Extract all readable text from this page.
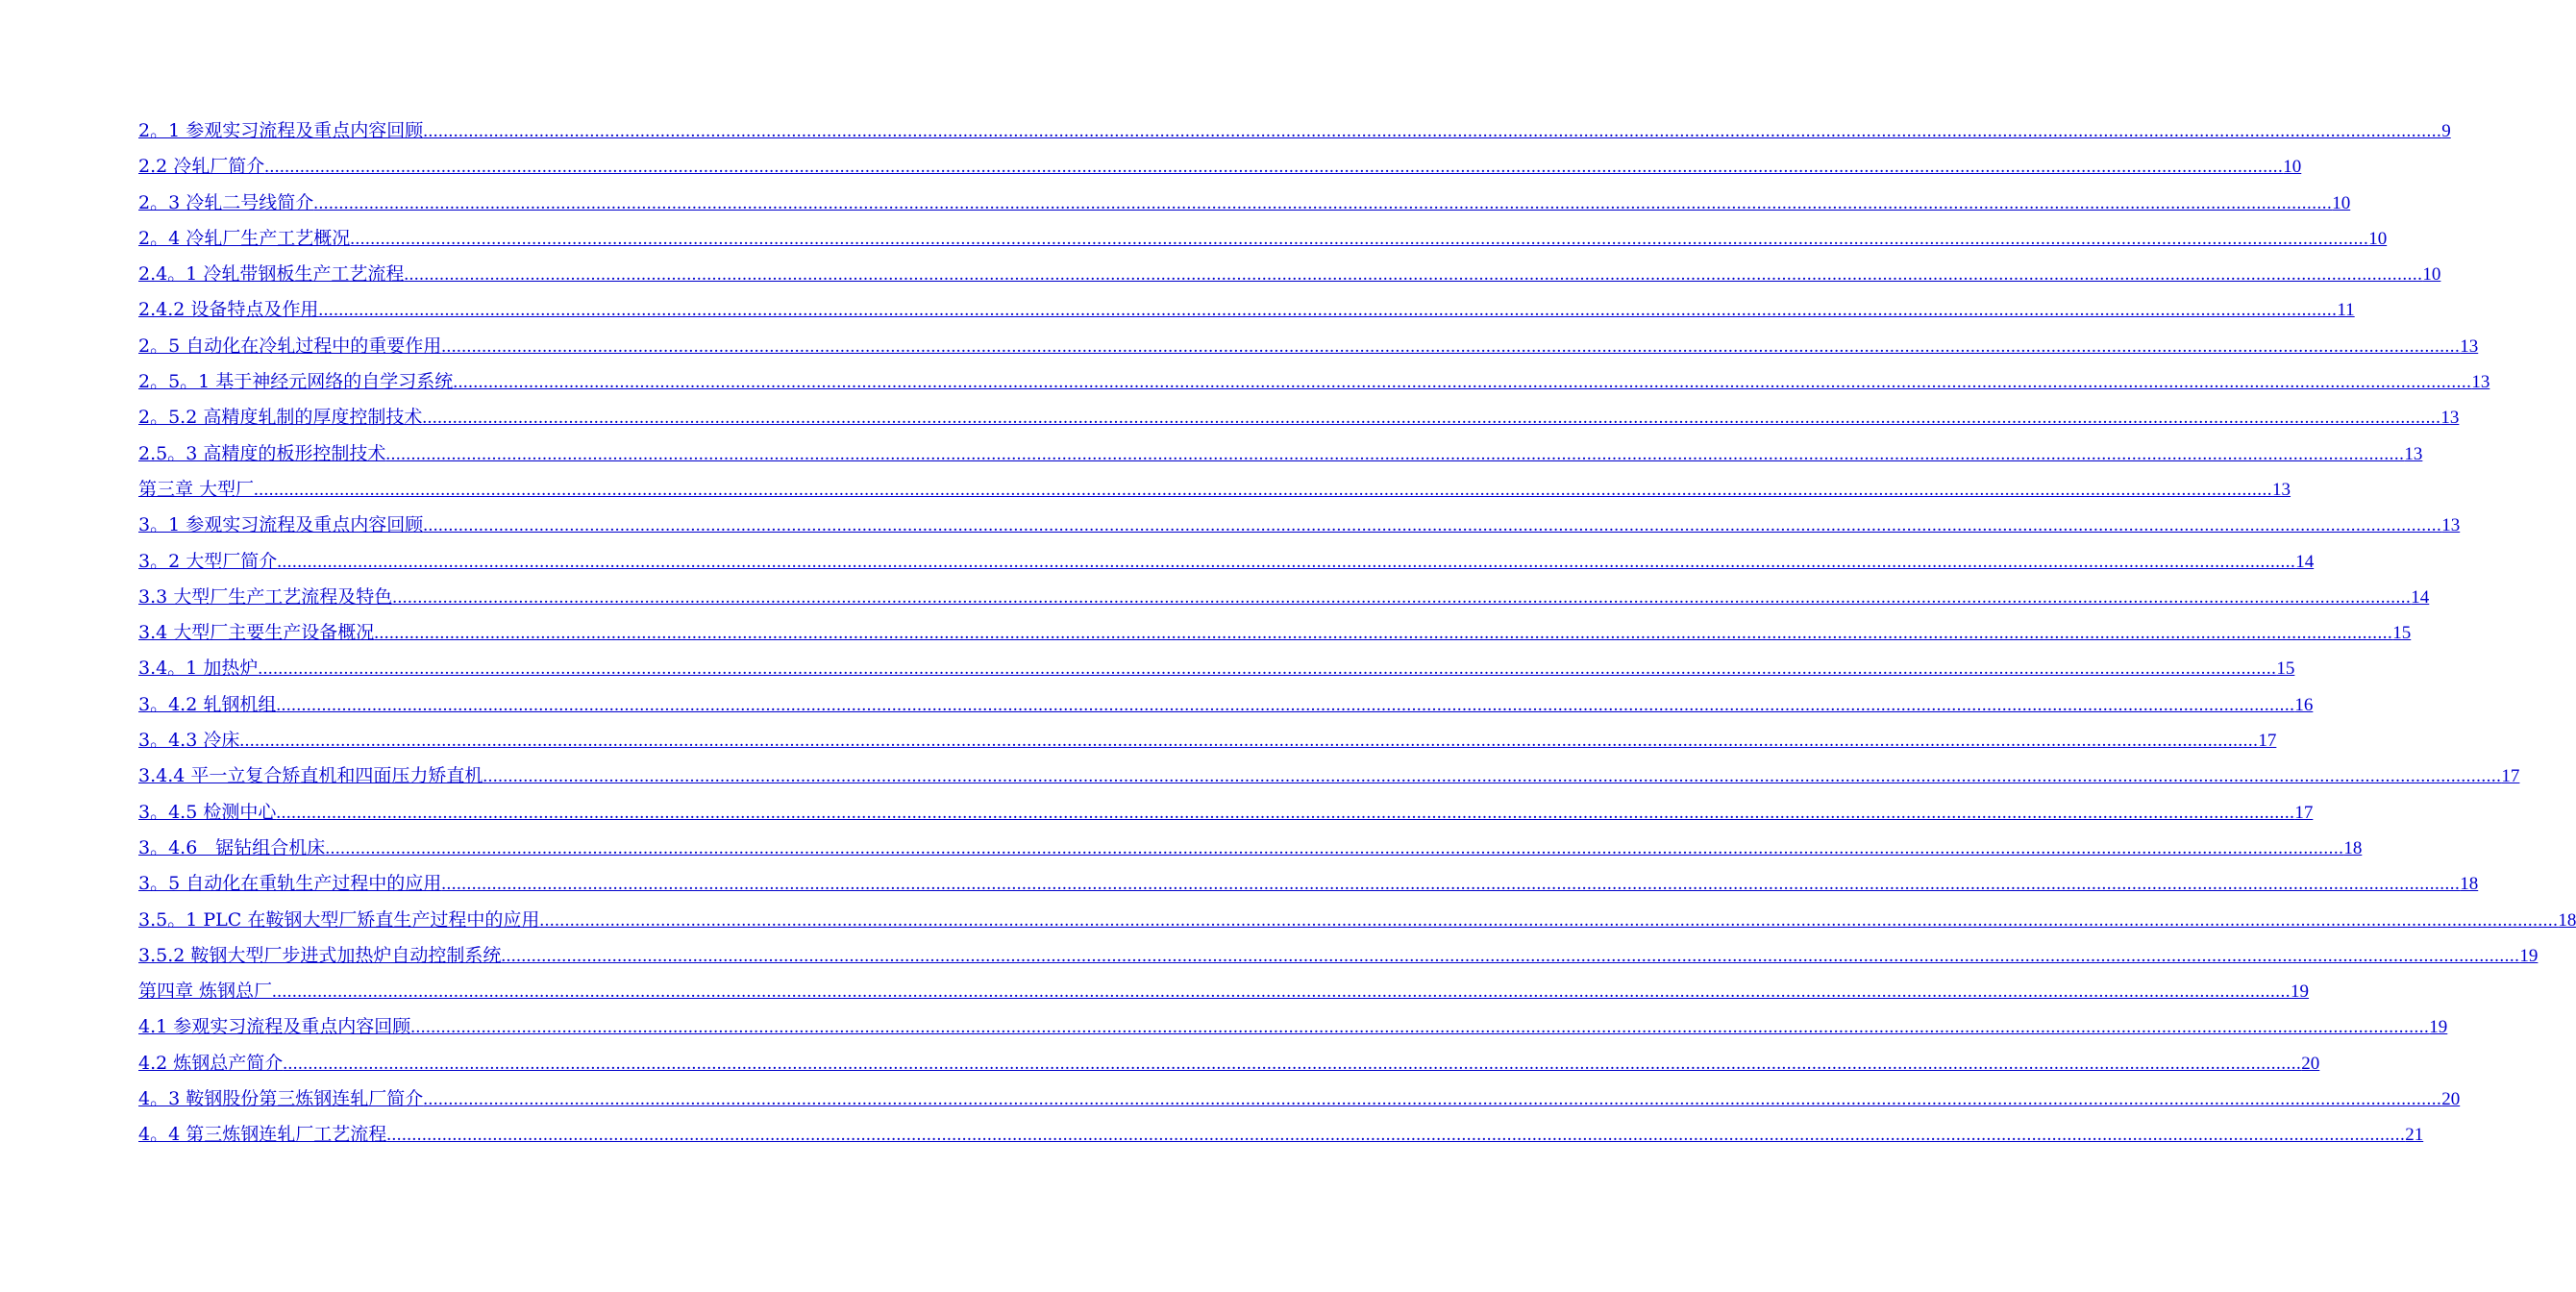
2。1 参观实习流程及重点内容回顾 ................................................................................................................................................................................................................................................................................................................................................................................................................ 9
2.2 冷轧厂简介 ................................................................................................................................................................................................................................................................................................................................................................................................................ 10
2。3 冷轧二号线简介 ................................................................................................................................................................................................................................................................................................................................................................................................................ 10
2。4 冷轧厂生产工艺概况 ................................................................................................................................................................................................................................................................................................................................................................................................................ 10
2.4。1 冷轧带钢板生产工艺流程 ................................................................................................................................................................................................................................................................................................................................................................................................................ 10
2.4.2 设备特点及作用 ................................................................................................................................................................................................................................................................................................................................................................................................................ 11
2。5 自动化在冷轧过程中的重要作用 ................................................................................................................................................................................................................................................................................................................................................................................................................ 13
2。5。1 基于神经元网络的自学习系统 ................................................................................................................................................................................................................................................................................................................................................................................................................ 13
2。5.2 高精度轧制的厚度控制技术 ................................................................................................................................................................................................................................................................................................................................................................................................................ 13
2.5。3 高精度的板形控制技术 ................................................................................................................................................................................................................................................................................................................................................................................................................ 13
第三章 大型厂 ................................................................................................................................................................................................................................................................................................................................................................................................................ 13
3。1 参观实习流程及重点内容回顾 ................................................................................................................................................................................................................................................................................................................................................................................................................ 13
3。2 大型厂简介 ................................................................................................................................................................................................................................................................................................................................................................................................................ 14
3.3 大型厂生产工艺流程及特色 ................................................................................................................................................................................................................................................................................................................................................................................................................ 14
3.4 大型厂主要生产设备概况 ................................................................................................................................................................................................................................................................................................................................................................................................................ 15
3.4。1 加热炉 ................................................................................................................................................................................................................................................................................................................................................................................................................ 15
3。4.2 轧钢机组 ................................................................................................................................................................................................................................................................................................................................................................................................................ 16
3。4.3 冷床 ................................................................................................................................................................................................................................................................................................................................................................................................................ 17
3.4.4 平一立复合矫直机和四面压力矫直机 ................................................................................................................................................................................................................................................................................................................................................................................................................ 17
3。4.5 检测中心 ................................................................................................................................................................................................................................................................................................................................................................................................................ 17
3。4.6　锯钻组合机床 ................................................................................................................................................................................................................................................................................................................................................................................................................ 18
3。5 自动化在重轨生产过程中的应用 ................................................................................................................................................................................................................................................................................................................................................................................................................ 18
3.5。1 PLC 在鞍钢大型厂矫直生产过程中的应用 ................................................................................................................................................................................................................................................................................................................................................................................................................ 18
3.5.2 鞍钢大型厂步进式加热炉自动控制系统 ................................................................................................................................................................................................................................................................................................................................................................................................................ 19
第四章 炼钢总厂 ................................................................................................................................................................................................................................................................................................................................................................................................................ 19
4.1 参观实习流程及重点内容回顾 ................................................................................................................................................................................................................................................................................................................................................................................................................ 19
4.2 炼钢总产简介 ................................................................................................................................................................................................................................................................................................................................................................................................................ 20
4。3 鞍钢股份第三炼钢连轧厂简介 ................................................................................................................................................................................................................................................................................................................................................................................................................ 20
4。4 第三炼钢连轧厂工艺流程 ................................................................................................................................................................................................................................................................................................................................................................................................................ 21
